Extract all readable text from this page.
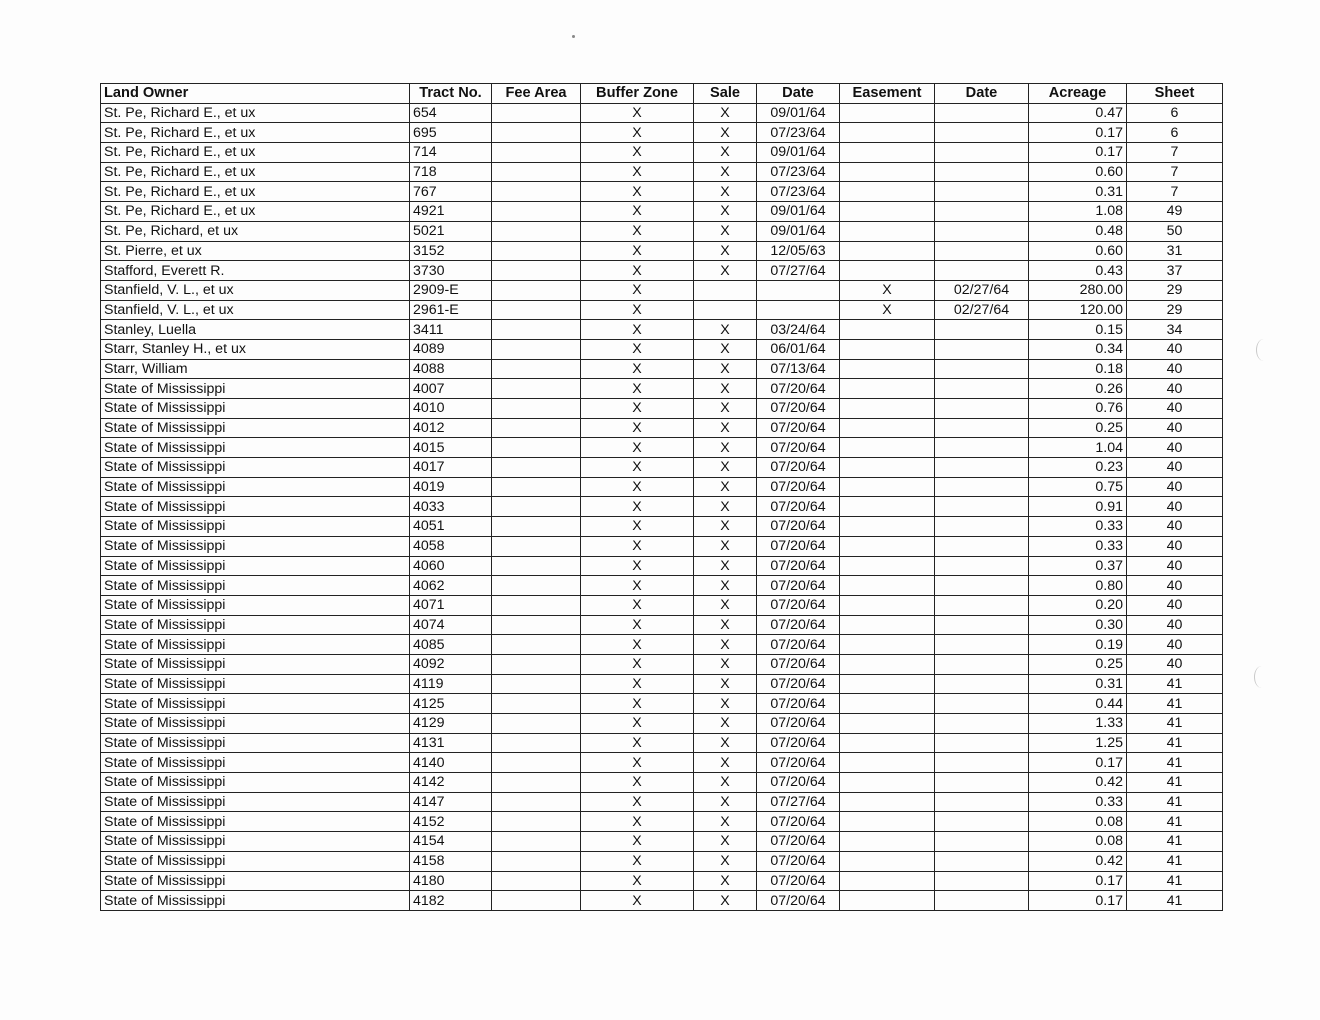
Land Owner	Tract No.	Fee Area	Buffer Zone	Sale	Date	Easement	Date	Acreage	Sheet
St. Pe, Richard E., et ux	654		X	X	09/01/64			0.47	6
St. Pe, Richard E., et ux	695		X	X	07/23/64			0.17	6
St. Pe, Richard E., et ux	714		X	X	09/01/64			0.17	7
St. Pe, Richard E., et ux	718		X	X	07/23/64			0.60	7
St. Pe, Richard E., et ux	767		X	X	07/23/64			0.31	7
St. Pe, Richard E., et ux	4921		X	X	09/01/64			1.08	49
St. Pe, Richard, et ux	5021		X	X	09/01/64			0.48	50
St. Pierre, et ux	3152		X	X	12/05/63			0.60	31
Stafford, Everett R.	3730		X	X	07/27/64			0.43	37
Stanfield, V. L., et ux	2909-E		X			X	02/27/64	280.00	29
Stanfield, V. L., et ux	2961-E		X			X	02/27/64	120.00	29
Stanley, Luella	3411		X	X	03/24/64			0.15	34
Starr, Stanley H., et ux	4089		X	X	06/01/64			0.34	40
Starr, William	4088		X	X	07/13/64			0.18	40
State of Mississippi	4007		X	X	07/20/64			0.26	40
State of Mississippi	4010		X	X	07/20/64			0.76	40
State of Mississippi	4012		X	X	07/20/64			0.25	40
State of Mississippi	4015		X	X	07/20/64			1.04	40
State of Mississippi	4017		X	X	07/20/64			0.23	40
State of Mississippi	4019		X	X	07/20/64			0.75	40
State of Mississippi	4033		X	X	07/20/64			0.91	40
State of Mississippi	4051		X	X	07/20/64			0.33	40
State of Mississippi	4058		X	X	07/20/64			0.33	40
State of Mississippi	4060		X	X	07/20/64			0.37	40
State of Mississippi	4062		X	X	07/20/64			0.80	40
State of Mississippi	4071		X	X	07/20/64			0.20	40
State of Mississippi	4074		X	X	07/20/64			0.30	40
State of Mississippi	4085		X	X	07/20/64			0.19	40
State of Mississippi	4092		X	X	07/20/64			0.25	40
State of Mississippi	4119		X	X	07/20/64			0.31	41
State of Mississippi	4125		X	X	07/20/64			0.44	41
State of Mississippi	4129		X	X	07/20/64			1.33	41
State of Mississippi	4131		X	X	07/20/64			1.25	41
State of Mississippi	4140		X	X	07/20/64			0.17	41
State of Mississippi	4142		X	X	07/20/64			0.42	41
State of Mississippi	4147		X	X	07/27/64			0.33	41
State of Mississippi	4152		X	X	07/20/64			0.08	41
State of Mississippi	4154		X	X	07/20/64			0.08	41
State of Mississippi	4158		X	X	07/20/64			0.42	41
State of Mississippi	4180		X	X	07/20/64			0.17	41
State of Mississippi	4182		X	X	07/20/64			0.17	41
